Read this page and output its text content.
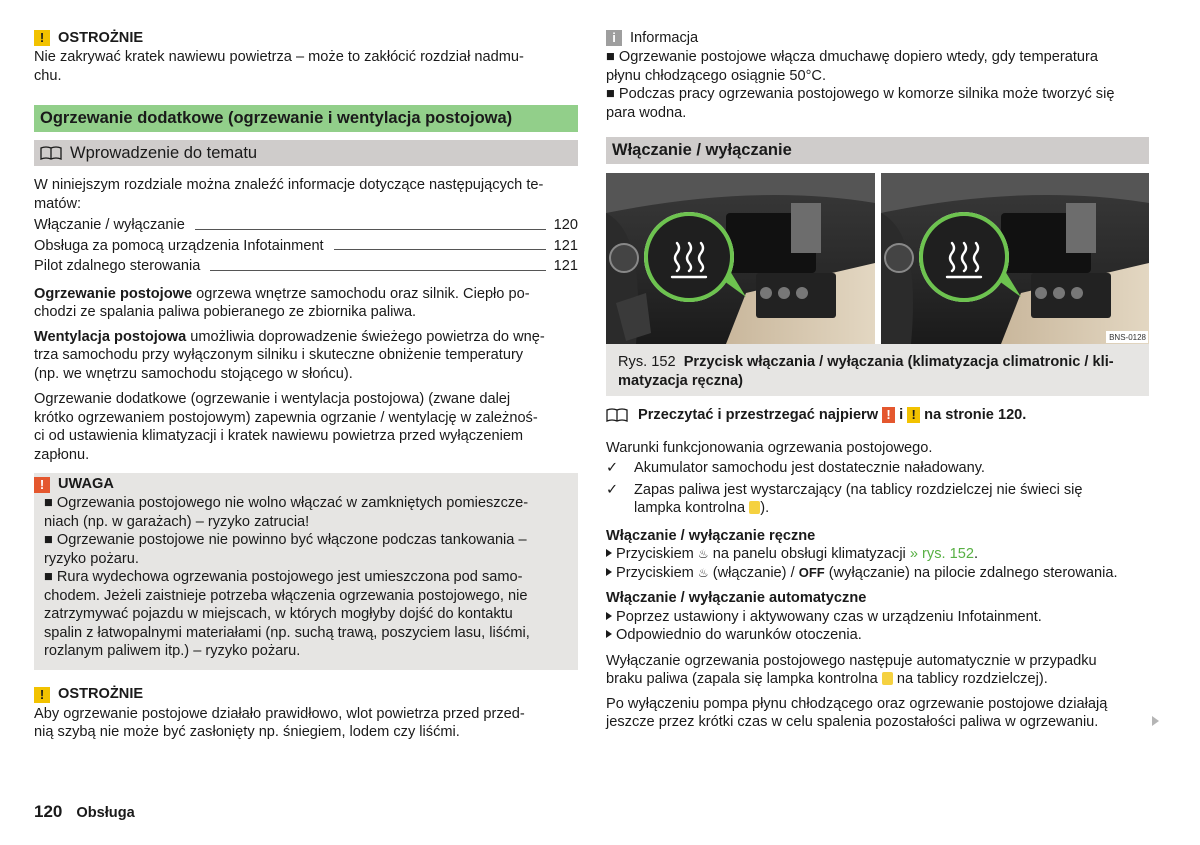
! OSTROŻNIE

Nie zakrywać kratek nawiewu powietrza – może to zakłócić rozdział nadmu-
chu.

Ogrzewanie dodatkowe (ogrzewanie i wentylacja postojowa)
Wprowadzenie do tematu

W niniejszym rozdziale można znaleźć informacje dotyczące następujących te-
matów:

Włączanie / wyłączanie	120
Obsługa za pomocą urządzenia Infotainment	121
Pilot zdalnego sterowania	121

Ogrzewanie postojowe ogrzewa wnętrze samochodu oraz silnik. Ciepło po-
chodzi ze spalania paliwa pobieranego ze zbiornika paliwa.

Wentylacja postojowa umożliwia doprowadzenie świeżego powietrza do wnę-
trza samochodu przy wyłączonym silniku i skuteczne obniżenie temperatury
(np. we wnętrzu samochodu stojącego w słońcu).

Ogrzewanie dodatkowe (ogrzewanie i wentylacja postojowa) (zwane dalej
krótko ogrzewaniem postojowym) zapewnia ogrzanie / wentylację w zależnoś-
ci od ustawienia klimatyzacji i kratek nawiewu powietrza przed wyłączeniem
zapłonu.

! UWAGA
■ Ogrzewania postojowego nie wolno włączać w zamkniętych pomieszcze-
niach (np. w garażach) – ryzyko zatrucia!
■ Ogrzewanie postojowe nie powinno być włączone podczas tankowania –
ryzyko pożaru.
■ Rura wydechowa ogrzewania postojowego jest umieszczona pod samo-
chodem. Jeżeli zaistnieje potrzeba włączenia ogrzewania postojowego, nie
zatrzymywać pojazdu w miejscach, w których mogłyby dojść do kontaktu
spalin z łatwopalnymi materiałami (np. suchą trawą, poszyciem lasu, liśćmi,
rozlanym paliwem itp.) – ryzyko pożaru.
! OSTROŻNIE

Aby ogrzewanie postojowe działało prawidłowo, wlot powietrza przed przed-
nią szybą nie może być zasłonięty np. śniegiem, lodem czy liśćmi.

i Informacja
■ Ogrzewanie postojowe włącza dmuchawę dopiero wtedy, gdy temperatura
płynu chłodzącego osiągnie 50°C.
■ Podczas pracy ogrzewania postojowego w komorze silnika może tworzyć się
para wodna.
Włączanie / wyłączanie
BNS-0128
Rys. 152 Przycisk włączania / wyłączania (klimatyzacja climatronic / kli-
matyzacja ręczna)
Przeczytać i przestrzegać najpierw ! i ! na stronie 120.

Warunki funkcjonowania ogrzewania postojowego.

✓ Akumulator samochodu jest dostatecznie naładowany.
✓	Zapas paliwa jest wystarczający (na tablicy rozdzielczej nie świeci się
lampka kontrolna ).

Włączanie / wyłączanie ręczne

Przyciskiem ♨ na panelu obsługi klimatyzacji » rys. 152.
Przyciskiem ♨ (włączanie) / OFF (wyłączanie) na pilocie zdalnego sterowania.

Włączanie / wyłączanie automatyczne

Poprzez ustawiony i aktywowany czas w urządzeniu Infotainment.
Odpowiednio do warunków otoczenia.

Wyłączanie ogrzewania postojowego następuje automatycznie w przypadku
braku paliwa (zapala się lampka kontrolna na tablicy rozdzielczej).

Po wyłączeniu pompa płynu chłodzącego oraz ogrzewanie postojowe działają
jeszcze przez krótki czas w celu spalenia pozostałości paliwa w ogrzewaniu.

120 Obsługa
